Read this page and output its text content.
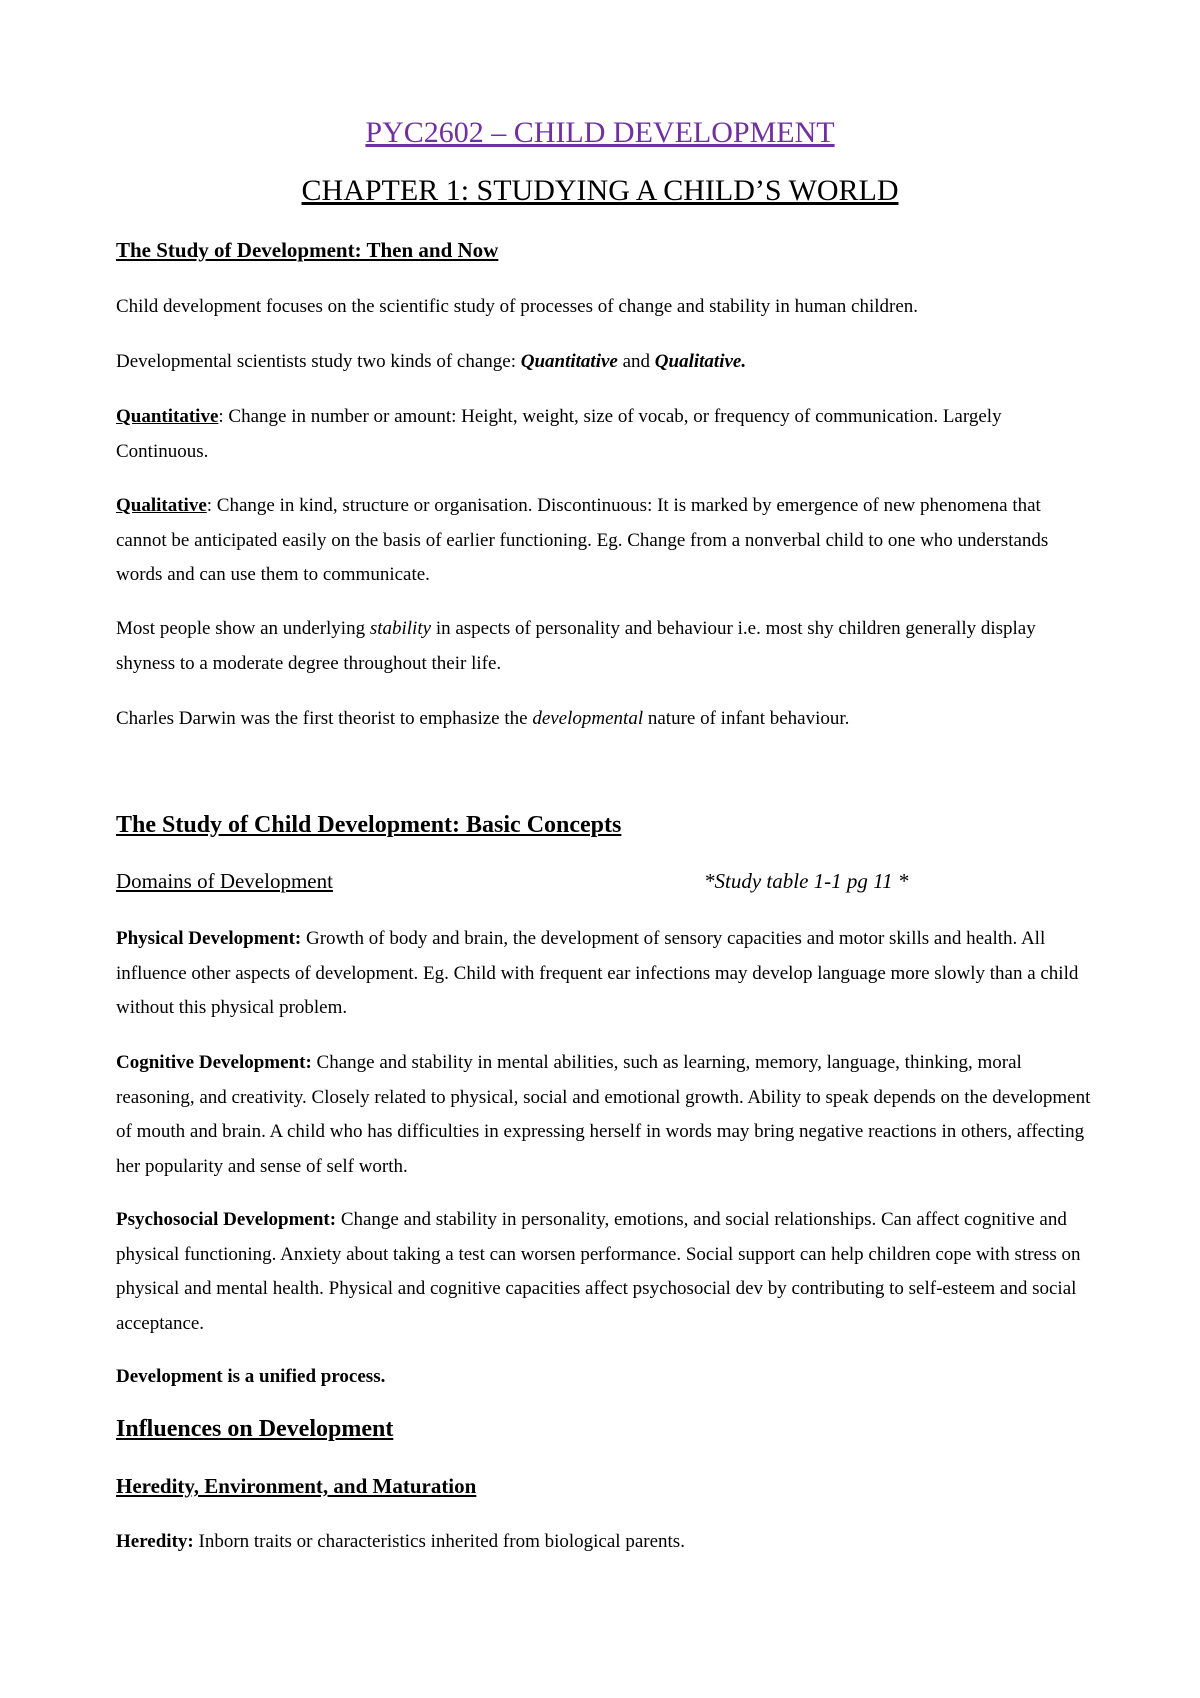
PYC2602 – CHILD DEVELOPMENT
CHAPTER 1: STUDYING A CHILD’S WORLD
The Study of Development: Then and Now

Child development focuses on the scientific study of processes of change and stability in human children.

Developmental scientists study two kinds of change: Quantitative and Qualitative.

Quantitative: Change in number or amount: Height, weight, size of vocab, or frequency of communication. Largely Continuous.

Qualitative: Change in kind, structure or organisation. Discontinuous: It is marked by emergence of new phenomena that cannot be anticipated easily on the basis of earlier functioning. Eg. Change from a nonverbal child to one who understands words and can use them to communicate.

Most people show an underlying stability in aspects of personality and behaviour i.e. most shy children generally display shyness to a moderate degree throughout their life.

Charles Darwin was the first theorist to emphasize the developmental nature of infant behaviour.

The Study of Child Development: Basic Concepts
Domains of Development	*Study table 1-1 pg 11 *

Physical Development: Growth of body and brain, the development of sensory capacities and motor skills and health. All influence other aspects of development. Eg. Child with frequent ear infections may develop language more slowly than a child without this physical problem.

Cognitive Development: Change and stability in mental abilities, such as learning, memory, language, thinking, moral reasoning, and creativity. Closely related to physical, social and emotional growth. Ability to speak depends on the development of mouth and brain. A child who has difficulties in expressing herself in words may bring negative reactions in others, affecting her popularity and sense of self worth.

Psychosocial Development: Change and stability in personality, emotions, and social relationships. Can affect cognitive and physical functioning. Anxiety about taking a test can worsen performance. Social support can help children cope with stress on physical and mental health. Physical and cognitive capacities affect psychosocial dev by contributing to self-esteem and social acceptance.

Development is a unified process.

Influences on Development
Heredity, Environment, and Maturation

Heredity: Inborn traits or characteristics inherited from biological parents.
